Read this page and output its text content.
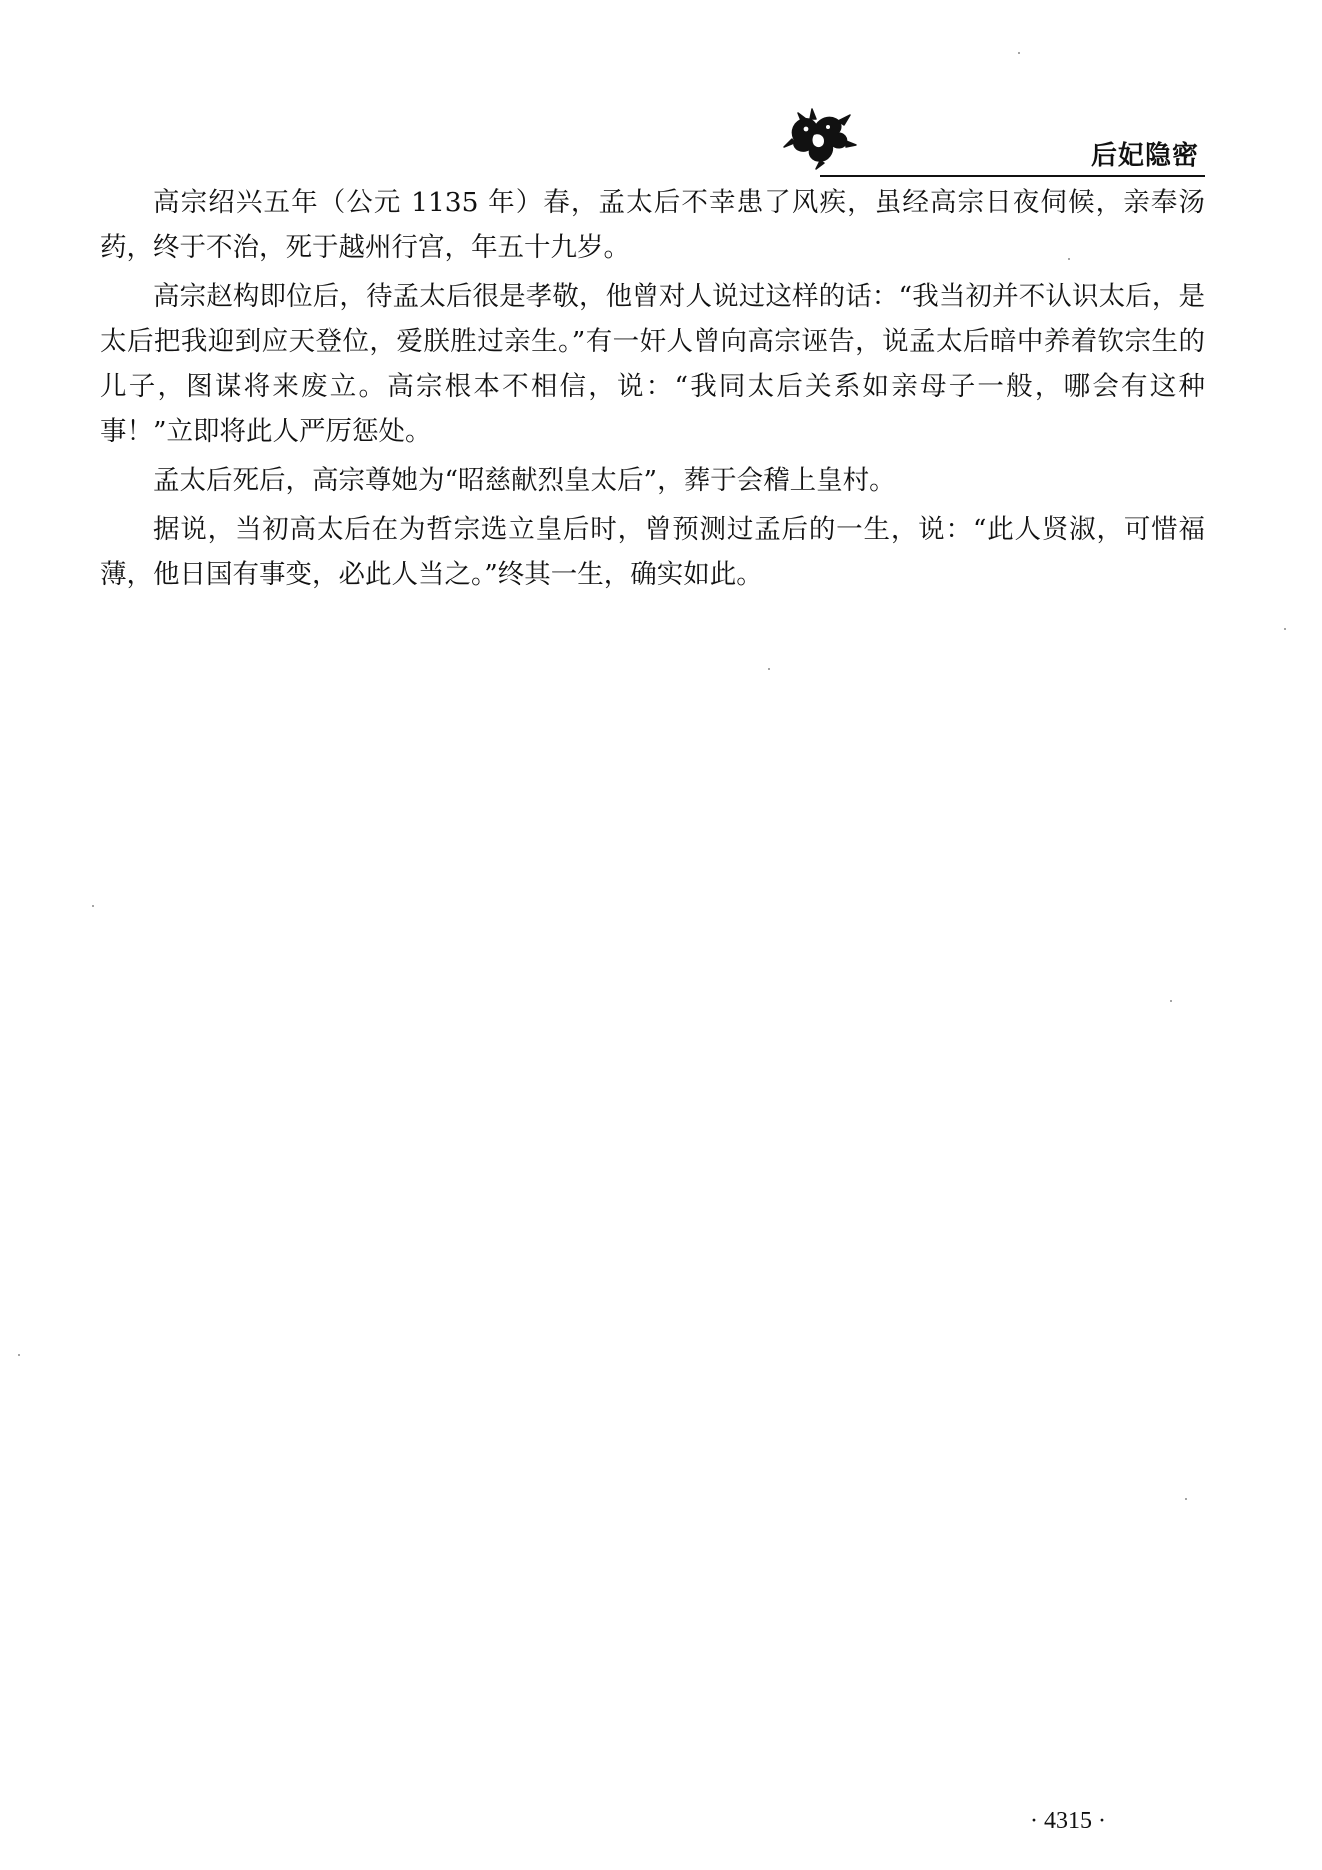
后妃隐密

高宗绍兴五年（公元 1135 年）春，孟太后不幸患了风疾，虽经高宗日夜伺候，亲奉汤药，终于不治，死于越州行宫，年五十九岁。

高宗赵构即位后，待孟太后很是孝敬，他曾对人说过这样的话：“我当初并不认识太后，是太后把我迎到应天登位，爱朕胜过亲生。”有一奸人曾向高宗诬告，说孟太后暗中养着钦宗生的儿子，图谋将来废立。高宗根本不相信，说：“我同太后关系如亲母子一般，哪会有这种事！”立即将此人严厉惩处。

孟太后死后，高宗尊她为“昭慈献烈皇太后”，葬于会稽上皇村。

据说，当初高太后在为哲宗选立皇后时，曾预测过孟后的一生，说：“此人贤淑，可惜福薄，他日国有事变，必此人当之。”终其一生，确实如此。

· 4315 ·
